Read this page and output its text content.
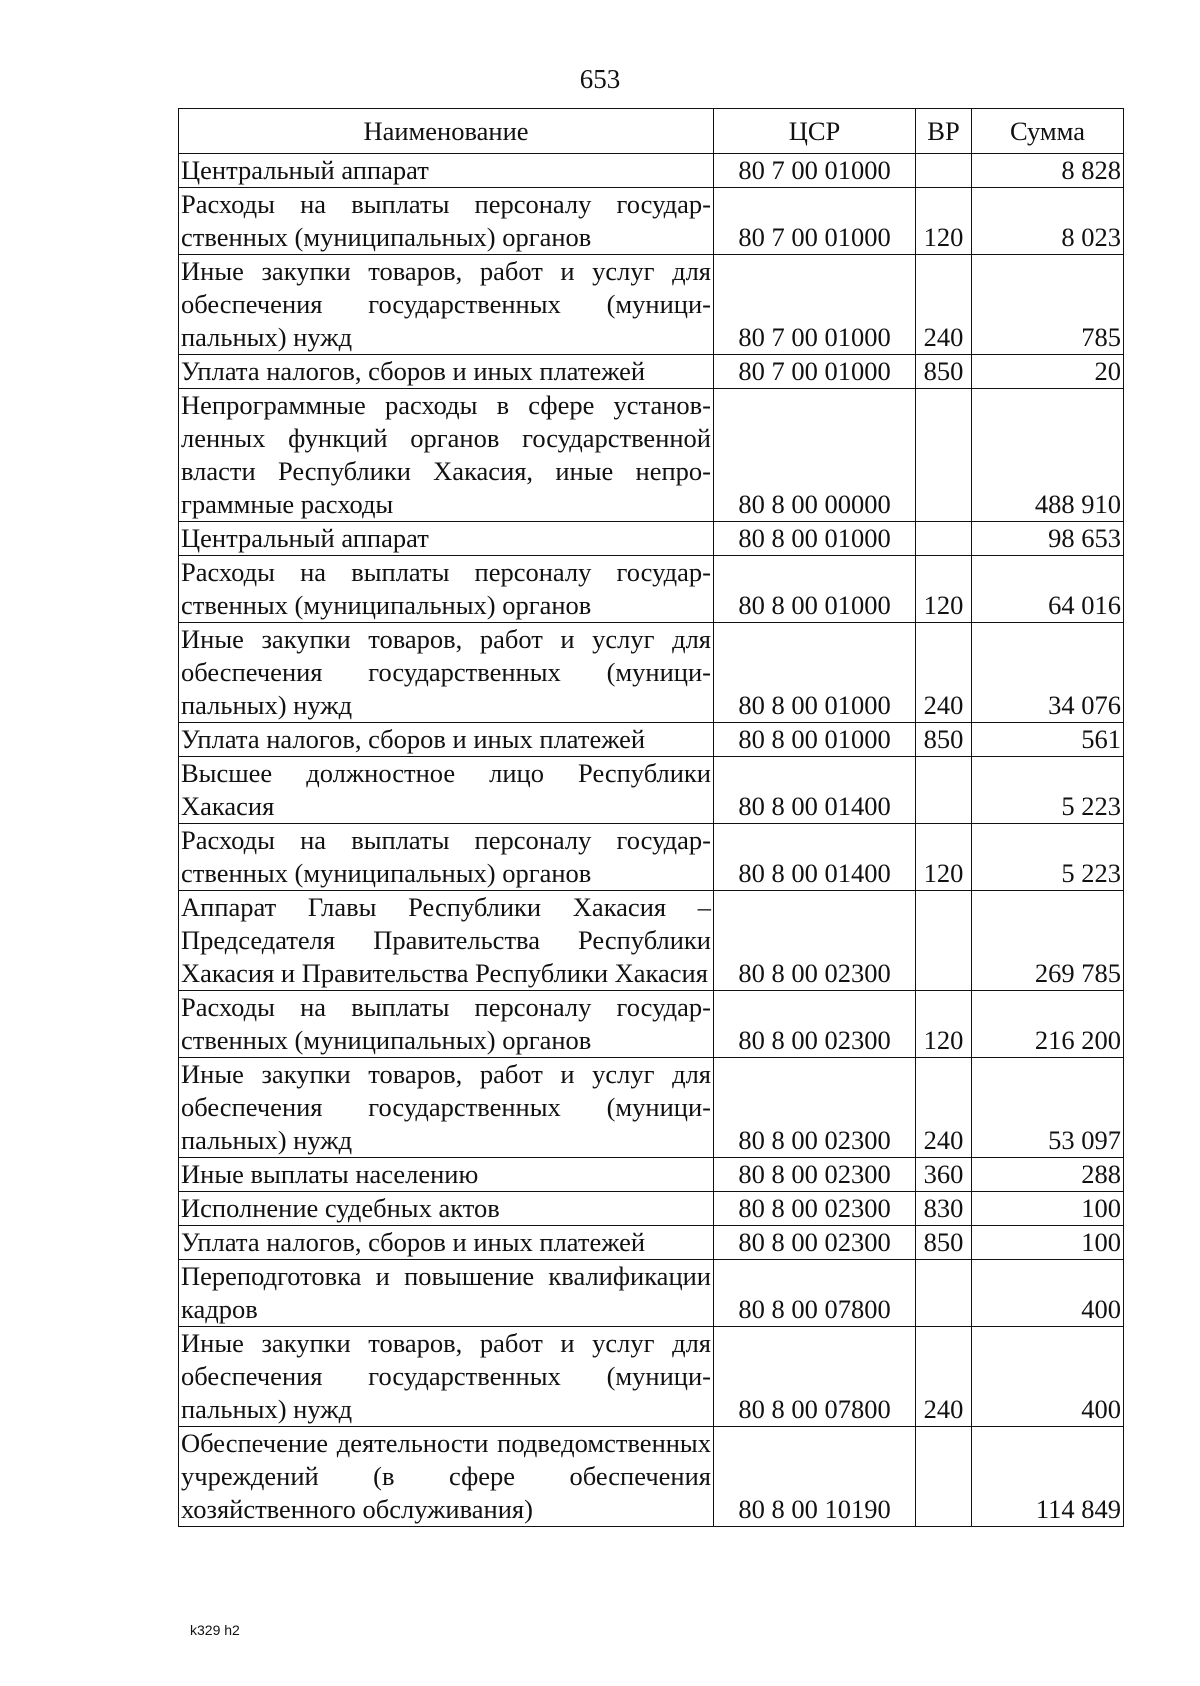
653
Наименование	ЦСР	ВР	Сумма
Центральный аппарат	80 7 00 01000		8 828
Расходы на выплаты персоналу государственных (муниципальных) органов	80 7 00 01000	120	8 023
Иные закупки товаров, работ и услуг для обеспечения государственных (муниципальных) нужд	80 7 00 01000	240	785
Уплата налогов, сборов и иных платежей	80 7 00 01000	850	20
Непрограммные расходы в сфере установленных функций органов государственной власти Республики Хакасия, иные непрограммные расходы	80 8 00 00000		488 910
Центральный аппарат	80 8 00 01000		98 653
Расходы на выплаты персоналу государственных (муниципальных) органов	80 8 00 01000	120	64 016
Иные закупки товаров, работ и услуг для обеспечения государственных (муниципальных) нужд	80 8 00 01000	240	34 076
Уплата налогов, сборов и иных платежей	80 8 00 01000	850	561
Высшее должностное лицо Республики Хакасия	80 8 00 01400		5 223
Расходы на выплаты персоналу государственных (муниципальных) органов	80 8 00 01400	120	5 223
Аппарат Главы Республики Хакасия – Председателя Правительства Республики Хакасия и Правительства Республики Хакасия	80 8 00 02300		269 785
Расходы на выплаты персоналу государственных (муниципальных) органов	80 8 00 02300	120	216 200
Иные закупки товаров, работ и услуг для обеспечения государственных (муниципальных) нужд	80 8 00 02300	240	53 097
Иные выплаты населению	80 8 00 02300	360	288
Исполнение судебных актов	80 8 00 02300	830	100
Уплата налогов, сборов и иных платежей	80 8 00 02300	850	100
Переподготовка и повышение квалификации кадров	80 8 00 07800		400
Иные закупки товаров, работ и услуг для обеспечения государственных (муниципальных) нужд	80 8 00 07800	240	400
Обеспечение деятельности подведомственных учреждений (в сфере обеспечения хозяйственного обслуживания)	80 8 00 10190		114 849
k329 h2
